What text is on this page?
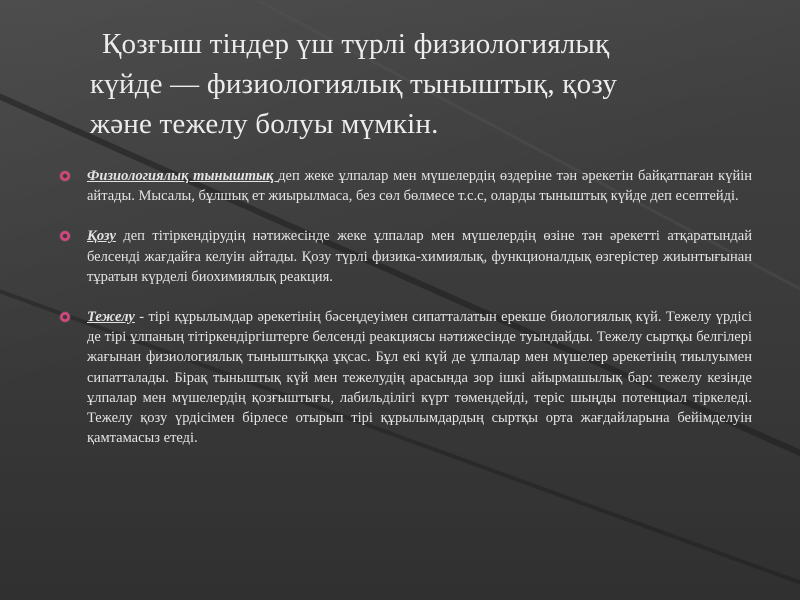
Қозғыш тіндер үш түрлі физиологиялық
күйде — физиологиялық тыныштық, қозу
және тежелу болуы мүмкін.
Физиологиялық тыныштық деп жеке ұлпалар мен мүшелердің өздеріне тән әрекетін байқатпаған күйін айтады. Мысалы, бұлшық ет жиырылмаса, без сөл бөлмесе т.с.с, оларды тыныштық күйде деп есептейді.
Қозу деп тітіркендірудің нәтижесінде жеке ұлпалар мен мүшелердің өзіне тән әрекетті атқаратындай белсенді жағдайға келуін айтады. Қозу түрлі физика-химиялық, функционалдық өзгерістер жиынтығынан тұратын күрделі биохимиялық реакция.
Тежелу - тірі құрылымдар әрекетінің бәсеңдеуімен сипатталатын ерекше биологиялық күй. Тежелу үрдісі де тірі ұлпаның тітіркендіргіштерге белсенді реакциясы нәтижесінде туындайды. Тежелу сыртқы белгілері жағынан физиологиялық тыныштыққа ұқсас. Бұл екі күй де ұлпалар мен мүшелер әрекетінің тиылуымен сипатталады. Бірақ тыныштық күй мен тежелудің арасында зор ішкі айырмашылық бар: тежелу кезінде ұлпалар мен мүшелердің қозғыштығы, лабильділігі күрт төмендейді, теріс шыңды потенциал тіркеледі. Тежелу қозу үрдісімен бірлесе отырып тірі құрылымдардың сыртқы орта жағдайларына бейімделуін қамтамасыз етеді.
